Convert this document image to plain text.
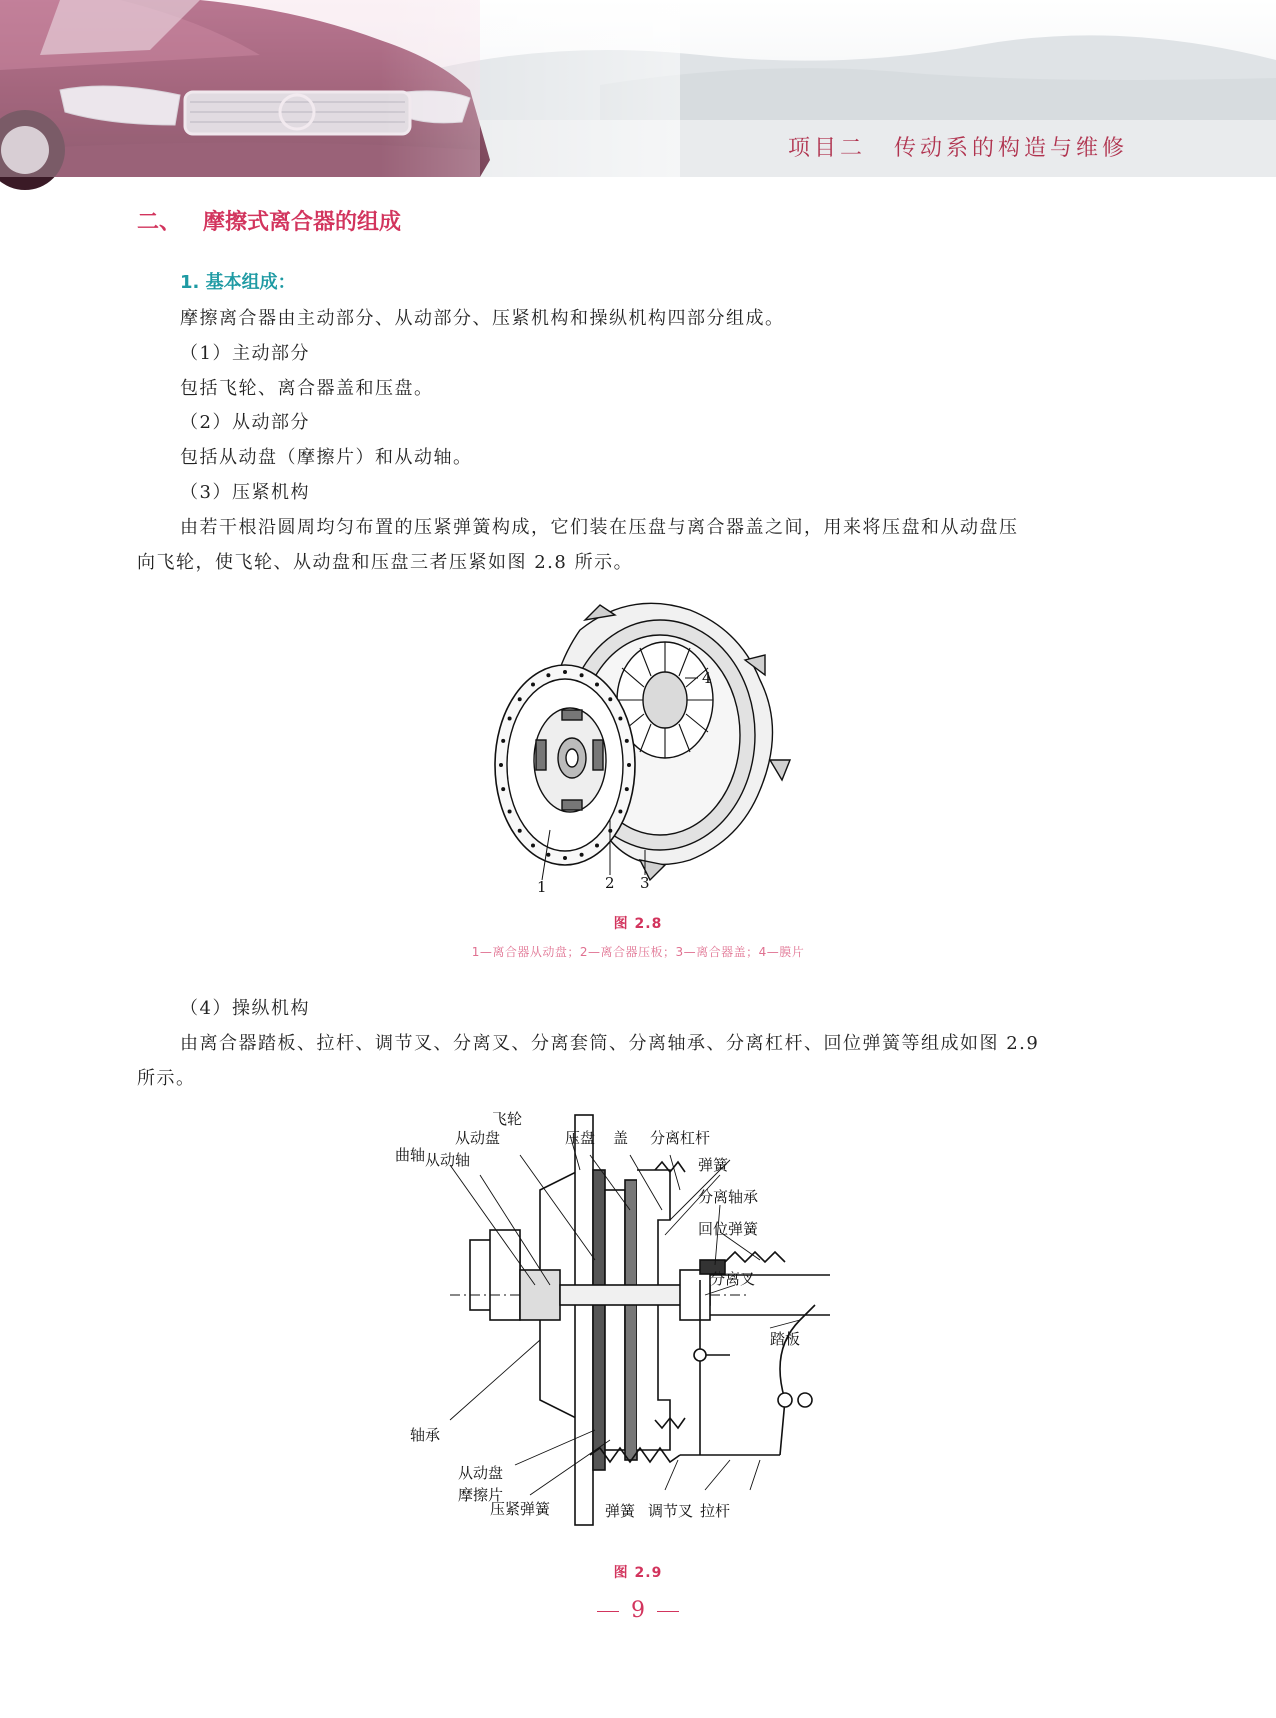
项目二 传动系的构造与维修
二、 摩擦式离合器的组成
1. 基本组成：
摩擦离合器由主动部分、从动部分、压紧机构和操纵机构四部分组成。
（1）主动部分
包括飞轮、离合器盖和压盘。
（2）从动部分
包括从动盘（摩擦片）和从动轴。
（3）压紧机构
由若干根沿圆周均匀布置的压紧弹簧构成，它们装在压盘与离合器盖之间，用来将压盘和从动盘压
向飞轮，使飞轮、从动盘和压盘三者压紧如图 2.8 所示。
1	2 3
4
图 2.8
1—离合器从动盘；2—离合器压板；3—离合器盖；4—膜片
（4）操纵机构
由离合器踏板、拉杆、调节叉、分离叉、分离套筒、分离轴承、分离杠杆、回位弹簧等组成如图 2.9
所示。
飞轮
从动盘
曲轴 从动轴
压盘 盖 分离杠杆
弹簧
分离轴承
回位弹簧
分离叉
踏板
轴承
从动盘
摩擦片
压紧弹簧	弹簧 调节叉 拉杆
图 2.9
9
